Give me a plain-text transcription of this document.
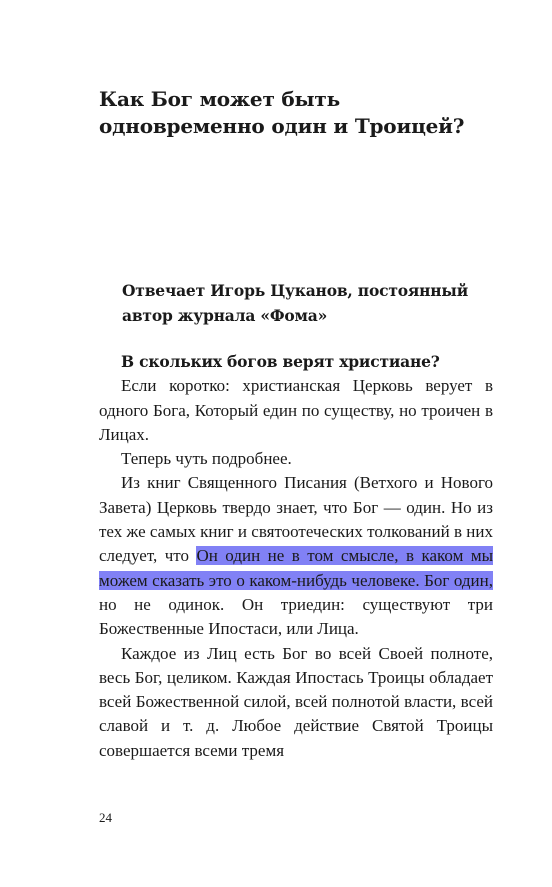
Как Бог может быть одновременно один и Троицей?

Отвечает Игорь Цуканов, постоянный автор журнала «Фома»

В скольких богов верят христиане?

Если коротко: христианская Церковь верует в одного Бога, Который един по существу, но троичен в Лицах.

Теперь чуть подробнее.

Из книг Священного Писания (Ветхого и Нового Завета) Церковь твердо знает, что Бог — один. Но из тех же самых книг и святоотеческих толкований в них следует, что Он один не в том смысле, в каком мы можем сказать это о каком-нибудь человеке. Бог один, но не одинок. Он триедин: существуют три Божественные Ипостаси, или Лица.

Каждое из Лиц есть Бог во всей Своей полноте, весь Бог, целиком. Каждая Ипостась Троицы обладает всей Божественной силой, всей полнотой власти, всей славой и т. д. Любое действие Святой Троицы совершается всеми тремя

24
